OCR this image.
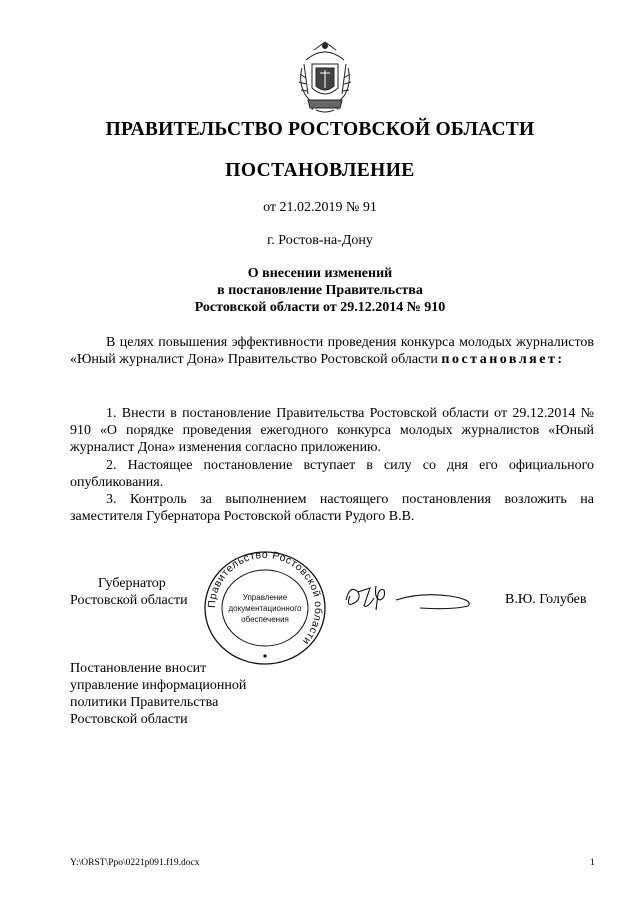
ПРАВИТЕЛЬСТВО РОСТОВСКОЙ ОБЛАСТИ
ПОСТАНОВЛЕНИЕ
от 21.02.2019 № 91
г. Ростов-на-Дону
О внесении изменений
в постановление Правительства
Ростовской области от 29.12.2014 № 910
В целях повышения эффективности проведения конкурса молодых журналистов «Юный журналист Дона» Правительство Ростовской области постановляет:
1. Внести в постановление Правительства Ростовской области от 29.12.2014 № 910 «О порядке проведения ежегодного конкурса молодых журналистов «Юный журналист Дона» изменения согласно приложению.
2. Настоящее постановление вступает в силу со дня его официального опубликования.
3. Контроль за выполнением настоящего постановления возложить на заместителя Губернатора Ростовской области Рудого В.В.
Губернатор
Ростовской области Правительство Ростовской области
Управление
документационного
обеспечения
В.Ю. Голубев
Постановление вносит
управление информационной
политики Правительства
Ростовской области
Y:\ORST\Ppo\0221p091.f19.docx	1
